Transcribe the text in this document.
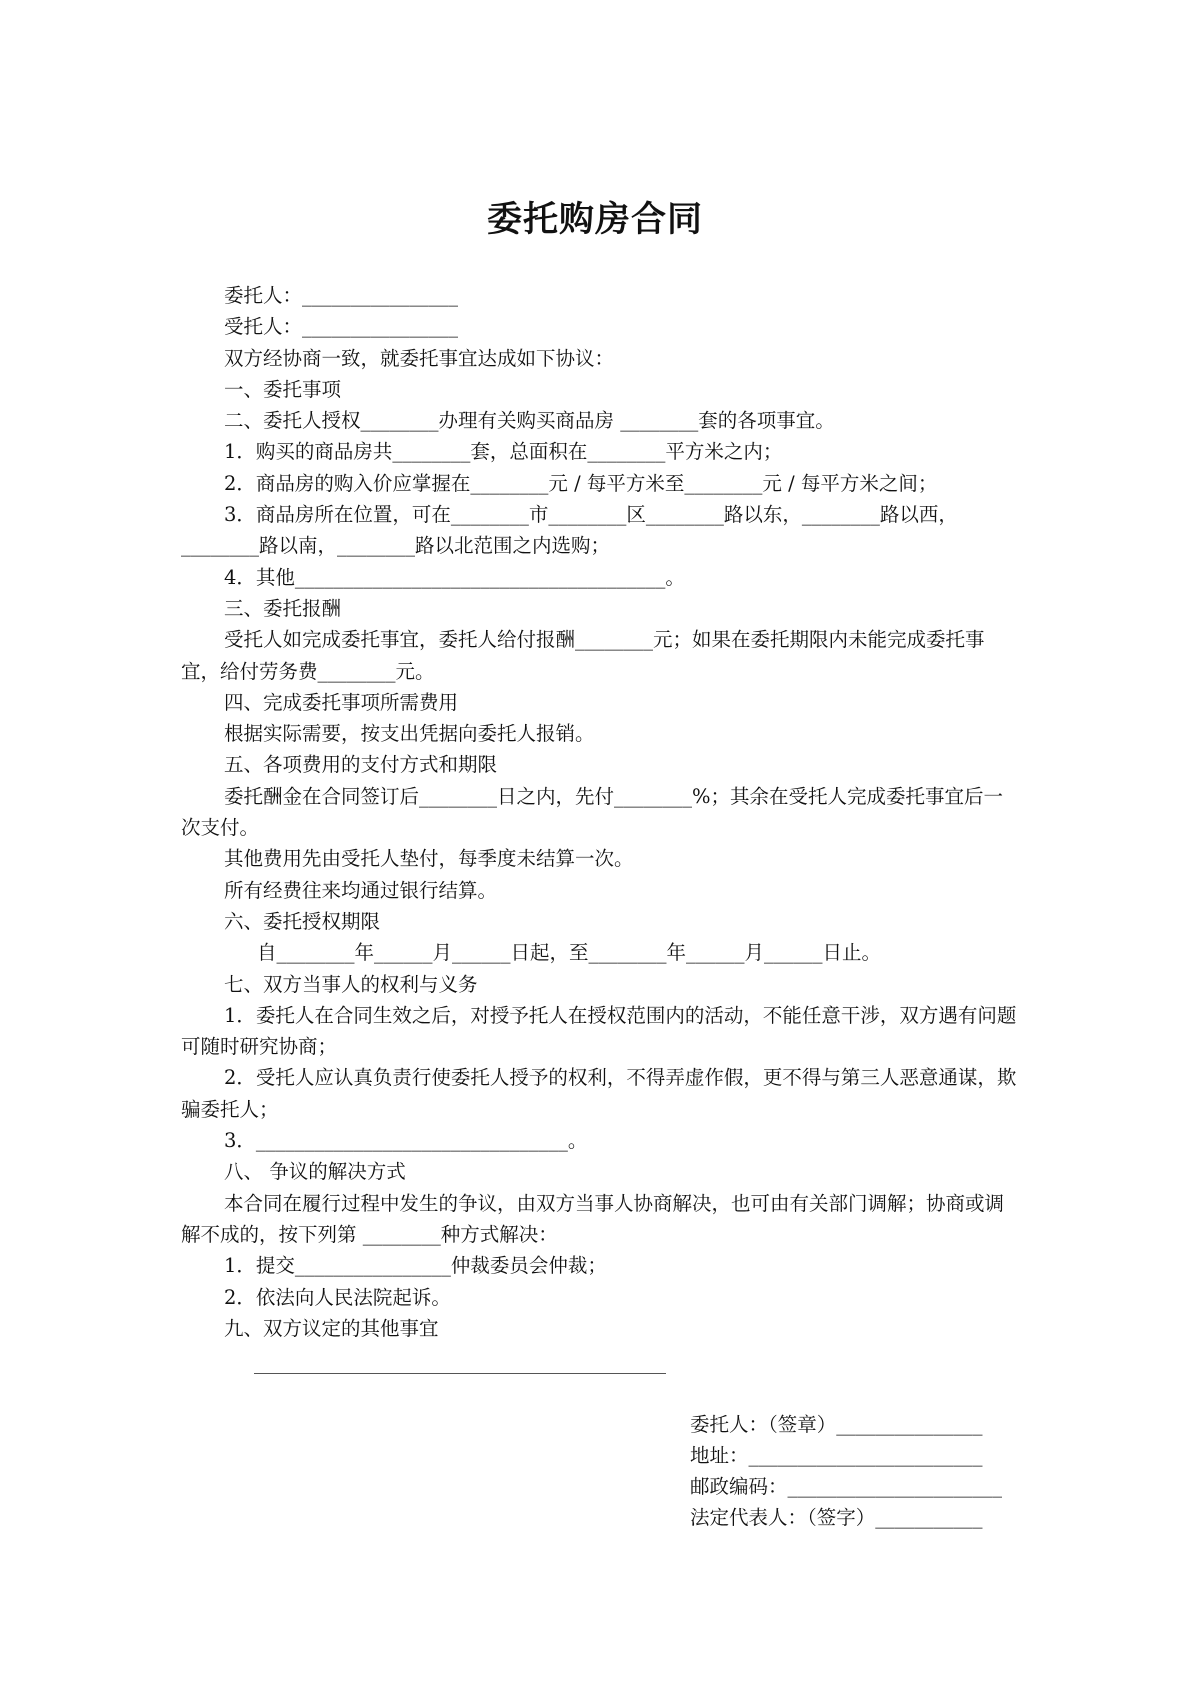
委托购房合同

委托人：________________

受托人：________________

双方经协商一致，就委托事宜达成如下协议：

一、委托事项

二、委托人授权________办理有关购买商品房 ________套的各项事宜。

1．购买的商品房共________套，总面积在________平方米之内；

2．商品房的购入价应掌握在________元 / 每平方米至________元 / 每平方米之间；

3．商品房所在位置，可在________市________区________路以东，________路以西，________路以南，________路以北范围之内选购；

4．其他______________________________________。

三、委托报酬

受托人如完成委托事宜，委托人给付报酬________元；如果在委托期限内未能完成委托事宜，给付劳务费________元。

四、完成委托事项所需费用

根据实际需要，按支出凭据向委托人报销。

五、各项费用的支付方式和期限

委托酬金在合同签订后________日之内，先付________%；其余在受托人完成委托事宜后一次支付。

其他费用先由受托人垫付，每季度未结算一次。

所有经费往来均通过银行结算。

六、委托授权期限

自________年______月______日起，至________年______月______日止。

七、双方当事人的权利与义务

1．委托人在合同生效之后，对授予托人在授权范围内的活动，不能任意干涉，双方遇有问题可随时研究协商；

2．受托人应认真负责行使委托人授予的权利，不得弄虚作假，更不得与第三人恶意通谋，欺骗委托人；

3．________________________________。

八、 争议的解决方式

本合同在履行过程中发生的争议，由双方当事人协商解决，也可由有关部门调解；协商或调解不成的，按下列第 ________种方式解决：

1．提交________________仲裁委员会仲裁；

2．依法向人民法院起诉。

九、双方议定的其他事宜

委托人：（签章）_______________

地址：________________________

邮政编码：______________________

法定代表人：（签字）___________
